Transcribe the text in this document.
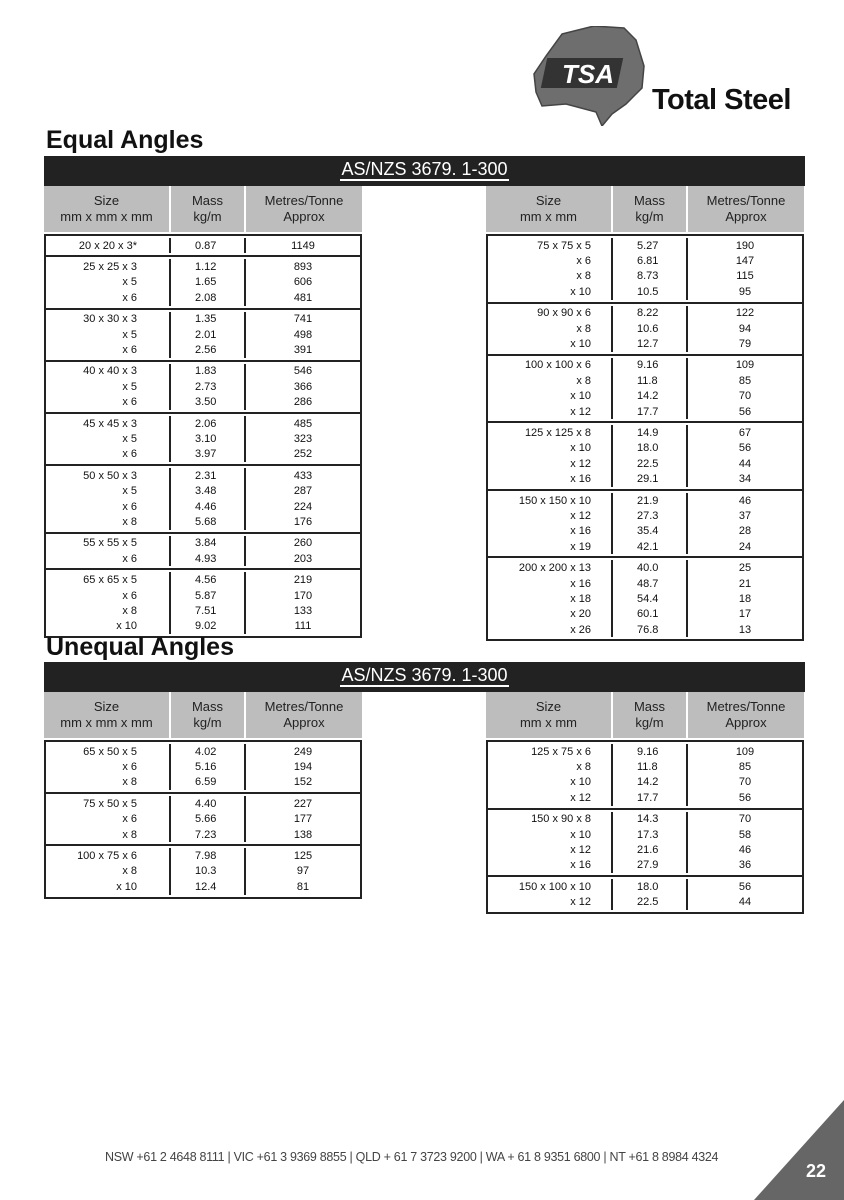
TSA
Total Steel
Equal Angles
AS/NZS 3679. 1-300
Size
mm x mm x mm
Mass
kg/m
Metres/Tonne
Approx
20 x 20 x 3*	0.87	1149
25 x 25 x 3	1.12	893
x 5	1.65	606
x 6	2.08	481
30 x 30 x 3	1.35	741
x 5	2.01	498
x 6	2.56	391
40 x 40 x 3	1.83	546
x 5	2.73	366
x 6	3.50	286
45 x 45 x 3	2.06	485
x 5	3.10	323
x 6	3.97	252
50 x 50 x 3	2.31	433
x 5	3.48	287
x 6	4.46	224
x 8	5.68	176
55 x 55 x 5	3.84	260
x 6	4.93	203
65 x 65 x 5	4.56	219
x 6	5.87	170
x 8	7.51	133
x 10	9.02	111
Size
mm x mm
Mass
kg/m
Metres/Tonne
Approx
75 x 75 x 5	5.27	190
x 6	6.81	147
x 8	8.73	115
x 10	10.5	95
90 x 90 x 6	8.22	122
x 8	10.6	94
x 10	12.7	79
100 x 100 x 6	9.16	109
x 8	11.8	85
x 10	14.2	70
x 12	17.7	56
125 x 125 x 8	14.9	67
x 10	18.0	56
x 12	22.5	44
x 16	29.1	34
150 x 150 x 10	21.9	46
x 12	27.3	37
x 16	35.4	28
x 19	42.1	24
200 x 200 x 13	40.0	25
x 16	48.7	21
x 18	54.4	18
x 20	60.1	17
x 26	76.8	13
Unequal Angles
AS/NZS 3679. 1-300
Size
mm x mm x mm
Mass
kg/m
Metres/Tonne
Approx
65 x 50 x 5	4.02	249
x 6	5.16	194
x 8	6.59	152
75 x 50 x 5	4.40	227
x 6	5.66	177
x 8	7.23	138
100 x 75 x 6	7.98	125
x 8	10.3	97
x 10	12.4	81
Size
mm x mm
Mass
kg/m
Metres/Tonne
Approx
125 x 75 x 6	9.16	109
x 8	11.8	85
x 10	14.2	70
x 12	17.7	56
150 x 90 x 8	14.3	70
x 10	17.3	58
x 12	21.6	46
x 16	27.9	36
150 x 100 x 10	18.0	56
x 12	22.5	44
NSW +61 2 4648 8111 | VIC +61 3 9369 8855 | QLD + 61 7 3723 9200 | WA + 61 8 9351 6800 | NT +61 8 8984 4324
22
